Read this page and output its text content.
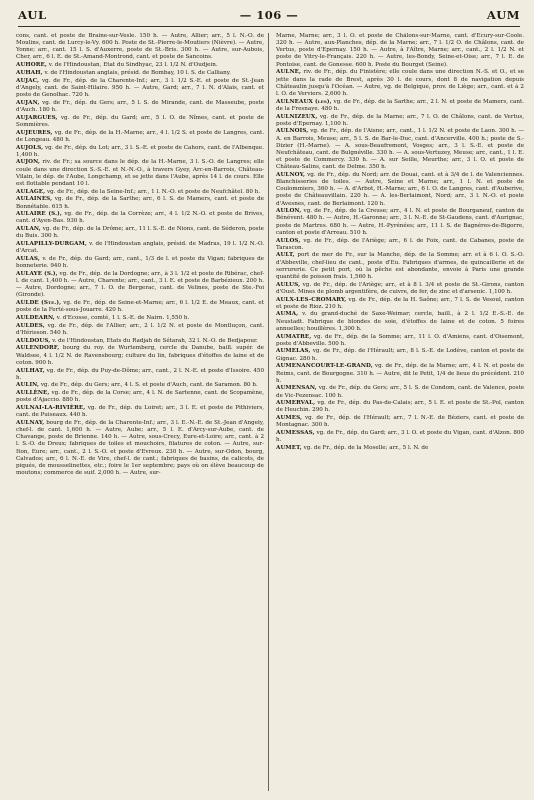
AUL	— 106 —	AUM

cons, cant. et poste de Braine-sur-Vesle. 150 h. — Autre, Allier; arr., 5 l. N.-O. de Moulins, cant. de Lurcy-le-Vy. 600 h. Poste de St.-Pierre-le-Moutiers (Nièvre). — Autre, Yonne; arr., cant. 15 l. S. d'Auxerre, poste de St.-Bris. 300 h. — Autre, sur-Aubois, Cher, arr., 6 l. E. de St.-Amand-Montrond, cant. et poste de Sancoins.

AUHORE, v. de l'Hindoustan, Etat du Sindhyac, 23 l. 1/2 N. d'Oudjein.

AUHAH, v. de l'Hindoustan anglais, présid. de Bombay, 10 l. S. de Calliany.

AUJAC, vg. de Fr., dép. de la Charente-Inf.; arr., 3 l. 1/2 S.-E. et poste de St.-Jean d'Angely, cant. de Saint-Hilaire. 950 h. — Autre, Gard; arr., 7 l. N. d'Alais, cant. et poste de Genolhac. 720 h.

AUJAN, vg. de Fr., dép. du Gers; arr., 5 l. S. de Mirande, cant. de Masseube, poste d'Auch. 180 h.

AUJARGUES, vg. de Fr., dép. du Gard; arr., 5 l. O. de Nîmes, cant. et poste de Sommières.

AUJEURES, vg. de Fr., dép. de la H.-Marne; arr., 4 l. 1/2 S. et poste de Langres, cant. de Longeau. 480 h.

AUJOLS, vg. de Fr., dép. du Lot; arr., 3 l. S.-E. et poste de Cahors, cant. de l'Albenque. 1,400 h.

AUJON, riv. de Fr.; sa source dans le dép. de la H.-Marne, 3 l. S.-O. de Langres; elle coule dans une direction S.-S.-E. et N.-N.-O., à travers Gyey, Arc-en-Barrois, Château-Vilain, le dép. de l'Aube, Longchamp, et se jette dans l'Aube, après 14 l. de cours. Elle est flottable pendant 10 l.

AULAGE, vg. de Fr., dép. de la Seine-Inf.; arr., 1 l. N.-O. et poste de Neufchâtel. 80 h.

AULAINES, vg. de Fr., dép. de la Sarthe; arr., 6 l. S. de Mamers, cant. et poste de Bonnétable. 615 h.

AULAIRE (S.), vg. de Fr., dép. de la Corrèze; arr., 4 l. 1/2 N.-O. et poste de Brives, cant. d'Ayen-Bas. 930 h.

AULAN, vg. de Fr., dép. de la Drôme; arr., 11 l. S.-E. de Nions, cant. de Séderon, poste du Buis. 300 h.

AULAPILLY-DURGAM, v. de l'Hindoustan anglais, présid. de Madras, 19 l. 1/2 N.-O. d'Arcat.

AULAS, v. de Fr., dép. du Gard; arr., cant., 1/3 de l. et poste du Vigan; fabriques de bonneterie. 940 h.

AULAYE (S.), vg. de Fr., dép. de la Dordogne; arr., à 3 l. 1/2 et poste de Ribérac, chef-l. de cant. 1,400 h. — Autre, Charente; arr., cant., 3 l. E. et poste de Barbézieux. 200 h. — Autre, Dordogne; arr., 7 l. O. de Bergerac, cant. de Velines, poste de Ste.-Foi (Gironde).

AULDE (Ste.), vg. de Fr., dép. de Seine-et-Marne; arr., 6 l. 1/2 E. de Meaux, cant. et poste de la Ferté-sous-Jouarre. 420 h.

AULDEARN, v. d'Ecosse, comté, 1 l. S.-E. de Nairn. 1,550 h.

AULDES, vg. de Fr., dép. de l'Allier; arr., 2 l. 1/2 N. et poste de Montluçon, cant. d'Hérisson. 540 h.

AULDOUS, v. de l'Hindoustan, Etats du Radjah de Sétarah, 32 l. N.-O. de Bedjapour.

AULENDORF, bourg du roy. de Wurtemberg, cercle du Danube, baill. supér. de Waldsee, 4 l. 1/2 N. de Ravensbourg; culture du lin, fabriques d'étoffes de laine et de coton. 900 h.

AULHAT, vg. de Fr., dép. du Puy-de-Dôme; arr., cant., 2 l. N.-E. et poste d'Issoire. 450 h.

AULIN, vg. de Fr., dép. du Gers; arr., 4 l. S. et poste d'Auch, cant. de Saramon. 80 h.

AULLÈNE, vg. de Fr., dép. de la Corse; arr., 4 l. N. de Sartenne, cant. de Scopamène, poste d'Ajaccio. 880 h.

AULNAI-LA-RIVIÈRE, vg. de Fr., dép. du Loiret; arr., 3 l. E. et poste de Pithiviers, cant. de Puiseaux. 440 h.

AULNAY, bourg de Fr., dép. de la Charente-Inf.; arr., 3 l. E.-N.-E. de St.-Jean d'Angely, chef-l. de cant. 1,600 h. — Autre, Aube; arr., 5 l. E. d'Arcy-sur-Aube, cant. de Chavange, poste de Brienne. 140 h. — Autre, sous-Crecy, Eure-et-Loire; arr., cant. à 2 l. S.-O. de Dreux; fabriques de toiles et mouchoirs, filatures de coton. — Autre, sur-Iton, Eure; arr., cant., 2 l. S.-O. et poste d'Evreux. 230 h. — Autre, sur-Odon, bourg, Calvados; arr., 6 l. N.-E. de Vire, chef-l. de cant.; fabriques de basins, de calicots, de piqués, de mousselinettes, etc.; foire le 1er septembre; pays où on élève beaucoup de moutons; commerce de suif. 2,000 h. — Autre, sur-

Marne, Marne; arr., 3 l. O. et poste de Châlons-sur-Marne, cant. d'Ecury-sur-Coole. 320 h. — Autre, aux-Planches, dép. de la Marne; arr., 7 l. 1/2 O. de Châlons, cant. de Vertus, poste d'Epernay. 150 h. — Autre, à l'Aître, Marne; arr., cant., 2 l. 1/2 N. et poste de Vitry-le-Français. 220 h. — Autre, les-Bondy, Seine-et-Oise; arr., 7 l. E. de Pontoise, cant. de Gonesse. 600 h. Poste du Bourget (Seine).

AULNE, riv. de Fr., dép. du Finistère; elle coule dans une direction N.-S. et O., et se jette dans la rade de Brest, après 30 l. de cours, dont 8 de navigation depuis Châteaulin jusqu'à l'Océan. — Autre, vg. de Belgique, prov. de Liège; arr., cant. et à 2 l. O. de Verviers. 2,600 h.

AULNEAUX (les), vg. de Fr., dép. de la Sarthe; arr., 2 l. N. et poste de Mamers, cant. de la Fresnaye. 480 h.

AULNIZEUX, vg. de Fr., dép. de la Marne; arr., 7 l. O. de Châlons, cant. de Vertus, poste d'Epernay. 1,100 h.

AULNOIS, vg. de Fr., dép. de l'Aisne; arr., cant., 1 l. 1/2 N. et poste de Laon. 300 h. — A. en Barrois, Meuse; arr., 5 l. S. de Bar-le-Duc, cant. d'Ancerville. 400 h.; poste de S.-Dizier (H.-Marne). — A. sous-Beaufremont, Vosges; arr., 3 l. S.-E. et poste de Neufchâteau, cant. de Bulgnéville. 330 h. — A. sous-Vertuzey, Meuse; arr., cant., 1 l. E. et poste de Commercy. 330 h. — A. sur Seille, Meurthe; arr., 3 l. O. et poste de Château-Salins, cant. de Delme. 350 h.

AULNOY, vg. de Fr., dép. du Nord; arr. de Douai, cant. et à 3/4 de l. de Valenciennes. Blanchisseries de toiles. — Autre, Seine et Marne; arr., 1 l. N. et poste de Coulommiers, 360 h. — A. d'Arbot, H.-Marne; arr., 6 l. O. de Langres, cant. d'Auberive, poste de Châteauvillain. 220 h. — A. les-Berlaimont, Nord; arr., 3 l. N.-O. et poste d'Avesnes, cant. de Berlaimont. 120 h.

AULON, vg. de Fr., dép. de la Creuse; arr., 4 l. N. et poste de Bourganeuf, canton de Bénévent. 480 h. — Autre, H.-Garonne; arr., 3 l. N.-E. de St-Gaudens, cant. d'Aurignac, poste de Martres. 680 h. — Autre, H.-Pyrénées; arr., 11 l. S. de Bagnères-de-Bigorre, canton et poste d'Arreau. 510 h.

AULOS, vg. de Fr., dép. de l'Ariège; arr., 6 l. de Foix, cant. de Cabanes, poste de Tarascon.

AULT, port de mer de Fr., sur la Manche, dép. de la Somme; arr. et à 6 l. O. S.-O. d'Abbeville, chef-lieu de cant., poste d'Eu. Fabriques d'armes, de quincaillerie et de serrurerie. Ce petit port, où la pêche est abondante, envoie à Paris une grande quantité de poisson frais. 1,560 h.

AULUS, vg. de Fr., dép. de l'Ariège; arr., et à 8 l. 3/4 et poste de St.-Girons, canton d'Oust. Mines de plomb argentifère, de cuivre, de fer, de zinc et d'arsenic. 1,100 h.

AULX-LES-CROMARY, vg. de Fr., dép. de la H. Saône; arr., 7 l. S. de Vesoul, canton et poste de Rioz. 210 h.

AUMA, v. du grand-duché de Saxe-Weimar; cercle, baill., à 2 l. 1/2 E.-S.-E. de Neustadt. Fabrique de blondes de soie, d'étoffes de laine et de coton. 5 foires annuelles; houillères. 1,300 h.

AUMATRE, vg. de Fr., dép. de la Somme; arr., 11 l. O. d'Amiens, cant. d'Oisemont, poste d'Abbeville. 500 h.

AUMELAS, vg. de Fr., dép. de l'Hérault; arr., 8 l. S.-E. de Lodève, canton et poste de Gignac. 280 h.

AUMENANCOURT-LE-GRAND, vg. de Fr., dép. de la Marne; arr., 4 l. N. et poste de Reims, cant. de Bourgogne. 310 h. — Autre, dit le Petit, 1/4 de lieue du précédent. 210 h.

AUMENSAN, vg. de Fr., dép. du Gers; arr., 5 l. S. de Condom, cant. de Valence, poste de Vic-Fezensac. 100 h.

AUMERVAL, vg. de Fr., dép. du Pas-de-Calais; arr., 5 l. E. et poste de St.-Pol, canton de Heuchin. 290 h.

AUMES, vg. de Fr., dép. de l'Hérault; arr., 7 l. N.-E. de Béziers, cant. et poste de Montagnac. 300 h.

AUMESSAS, vg. de Fr., dép. du Gard; arr., 3 l. O. et poste du Vigan, cant. d'Alzon. 800 h.

AUMET, vg. de Fr., dép. de la Moselle; arr., 5 l. N. de
